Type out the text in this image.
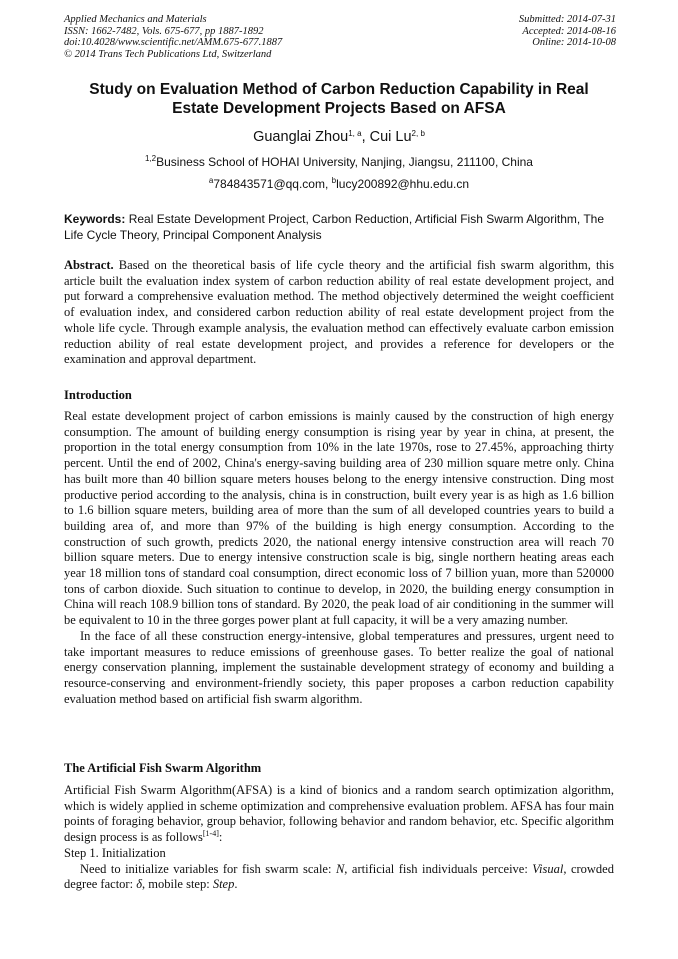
Applied Mechanics and Materials
ISSN: 1662-7482, Vols. 675-677, pp 1887-1892
doi:10.4028/www.scientific.net/AMM.675-677.1887
© 2014 Trans Tech Publications Ltd, Switzerland
Submitted: 2014-07-31
Accepted: 2014-08-16
Online: 2014-10-08
Study on Evaluation Method of Carbon Reduction Capability in Real
Estate Development Projects Based on AFSA
Guanglai Zhou$^{1, a}$, Cui Lu$^{2, b}$
$^{1,2}$Business School of HOHAI University, Nanjing, Jiangsu, 211100, China
$^a$784843571@qq.com, $^b$lucy200892@hhu.edu.cn
Keywords: Real Estate Development Project, Carbon Reduction, Artificial Fish Swarm Algorithm, The Life Cycle Theory, Principal Component Analysis
Abstract. Based on the theoretical basis of life cycle theory and the artificial fish swarm algorithm, this article built the evaluation index system of carbon reduction ability of real estate development project, and put forward a comprehensive evaluation method. The method objectively determined the weight coefficient of evaluation index, and considered carbon reduction ability of real estate development project from the whole life cycle. Through example analysis, the evaluation method can effectively evaluate carbon emission reduction ability of real estate development project, and provides a reference for developers or the examination and approval department.
Introduction

Real estate development project of carbon emissions is mainly caused by the construction of high energy consumption. The amount of building energy consumption is rising year by year in china, at present, the proportion in the total energy consumption from 10% in the late 1970s, rose to 27.45%, approaching thirty percent. Until the end of 2002, China's energy-saving building area of 230 million square metre only. China has built more than 40 billion square meters houses belong to the energy intensive construction. Ding most productive period according to the analysis, china is in construction, built every year is as high as 1.6 billion to 1.6 billion square meters, building area of more than the sum of all developed countries years to build a building area of, and more than 97% of the building is high energy consumption. According to the construction of such growth, predicts 2020, the national energy intensive construction area will reach 70 billion square meters. Due to energy intensive construction scale is big, single northern heating areas each year 18 million tons of standard coal consumption, direct economic loss of 7 billion yuan, more than 520000 tons of carbon dioxide. Such situation to continue to develop, in 2020, the building energy consumption in China will reach 108.9 billion tons of standard. By 2020, the peak load of air conditioning in the summer will be equivalent to 10 in the three gorges power plant at full capacity, it will be a very amazing number.

In the face of all these construction energy-intensive, global temperatures and pressures, urgent need to take important measures to reduce emissions of greenhouse gases. To better realize the goal of national energy conservation planning, implement the sustainable development strategy of economy and building a resource-conserving and environment-friendly society, this paper proposes a carbon reduction capability evaluation method based on artificial fish swarm algorithm.

The Artificial Fish Swarm Algorithm

Artificial Fish Swarm Algorithm(AFSA) is a kind of bionics and a random search optimization algorithm, which is widely applied in scheme optimization and comprehensive evaluation problem. AFSA has four main points of foraging behavior, group behavior, following behavior and random behavior, etc. Specific algorithm design process is as follows[1-4]:

Step 1. Initialization

Need to initialize variables for fish swarm scale: N, artificial fish individuals perceive: Visual, crowded degree factor: δ, mobile step: Step.
